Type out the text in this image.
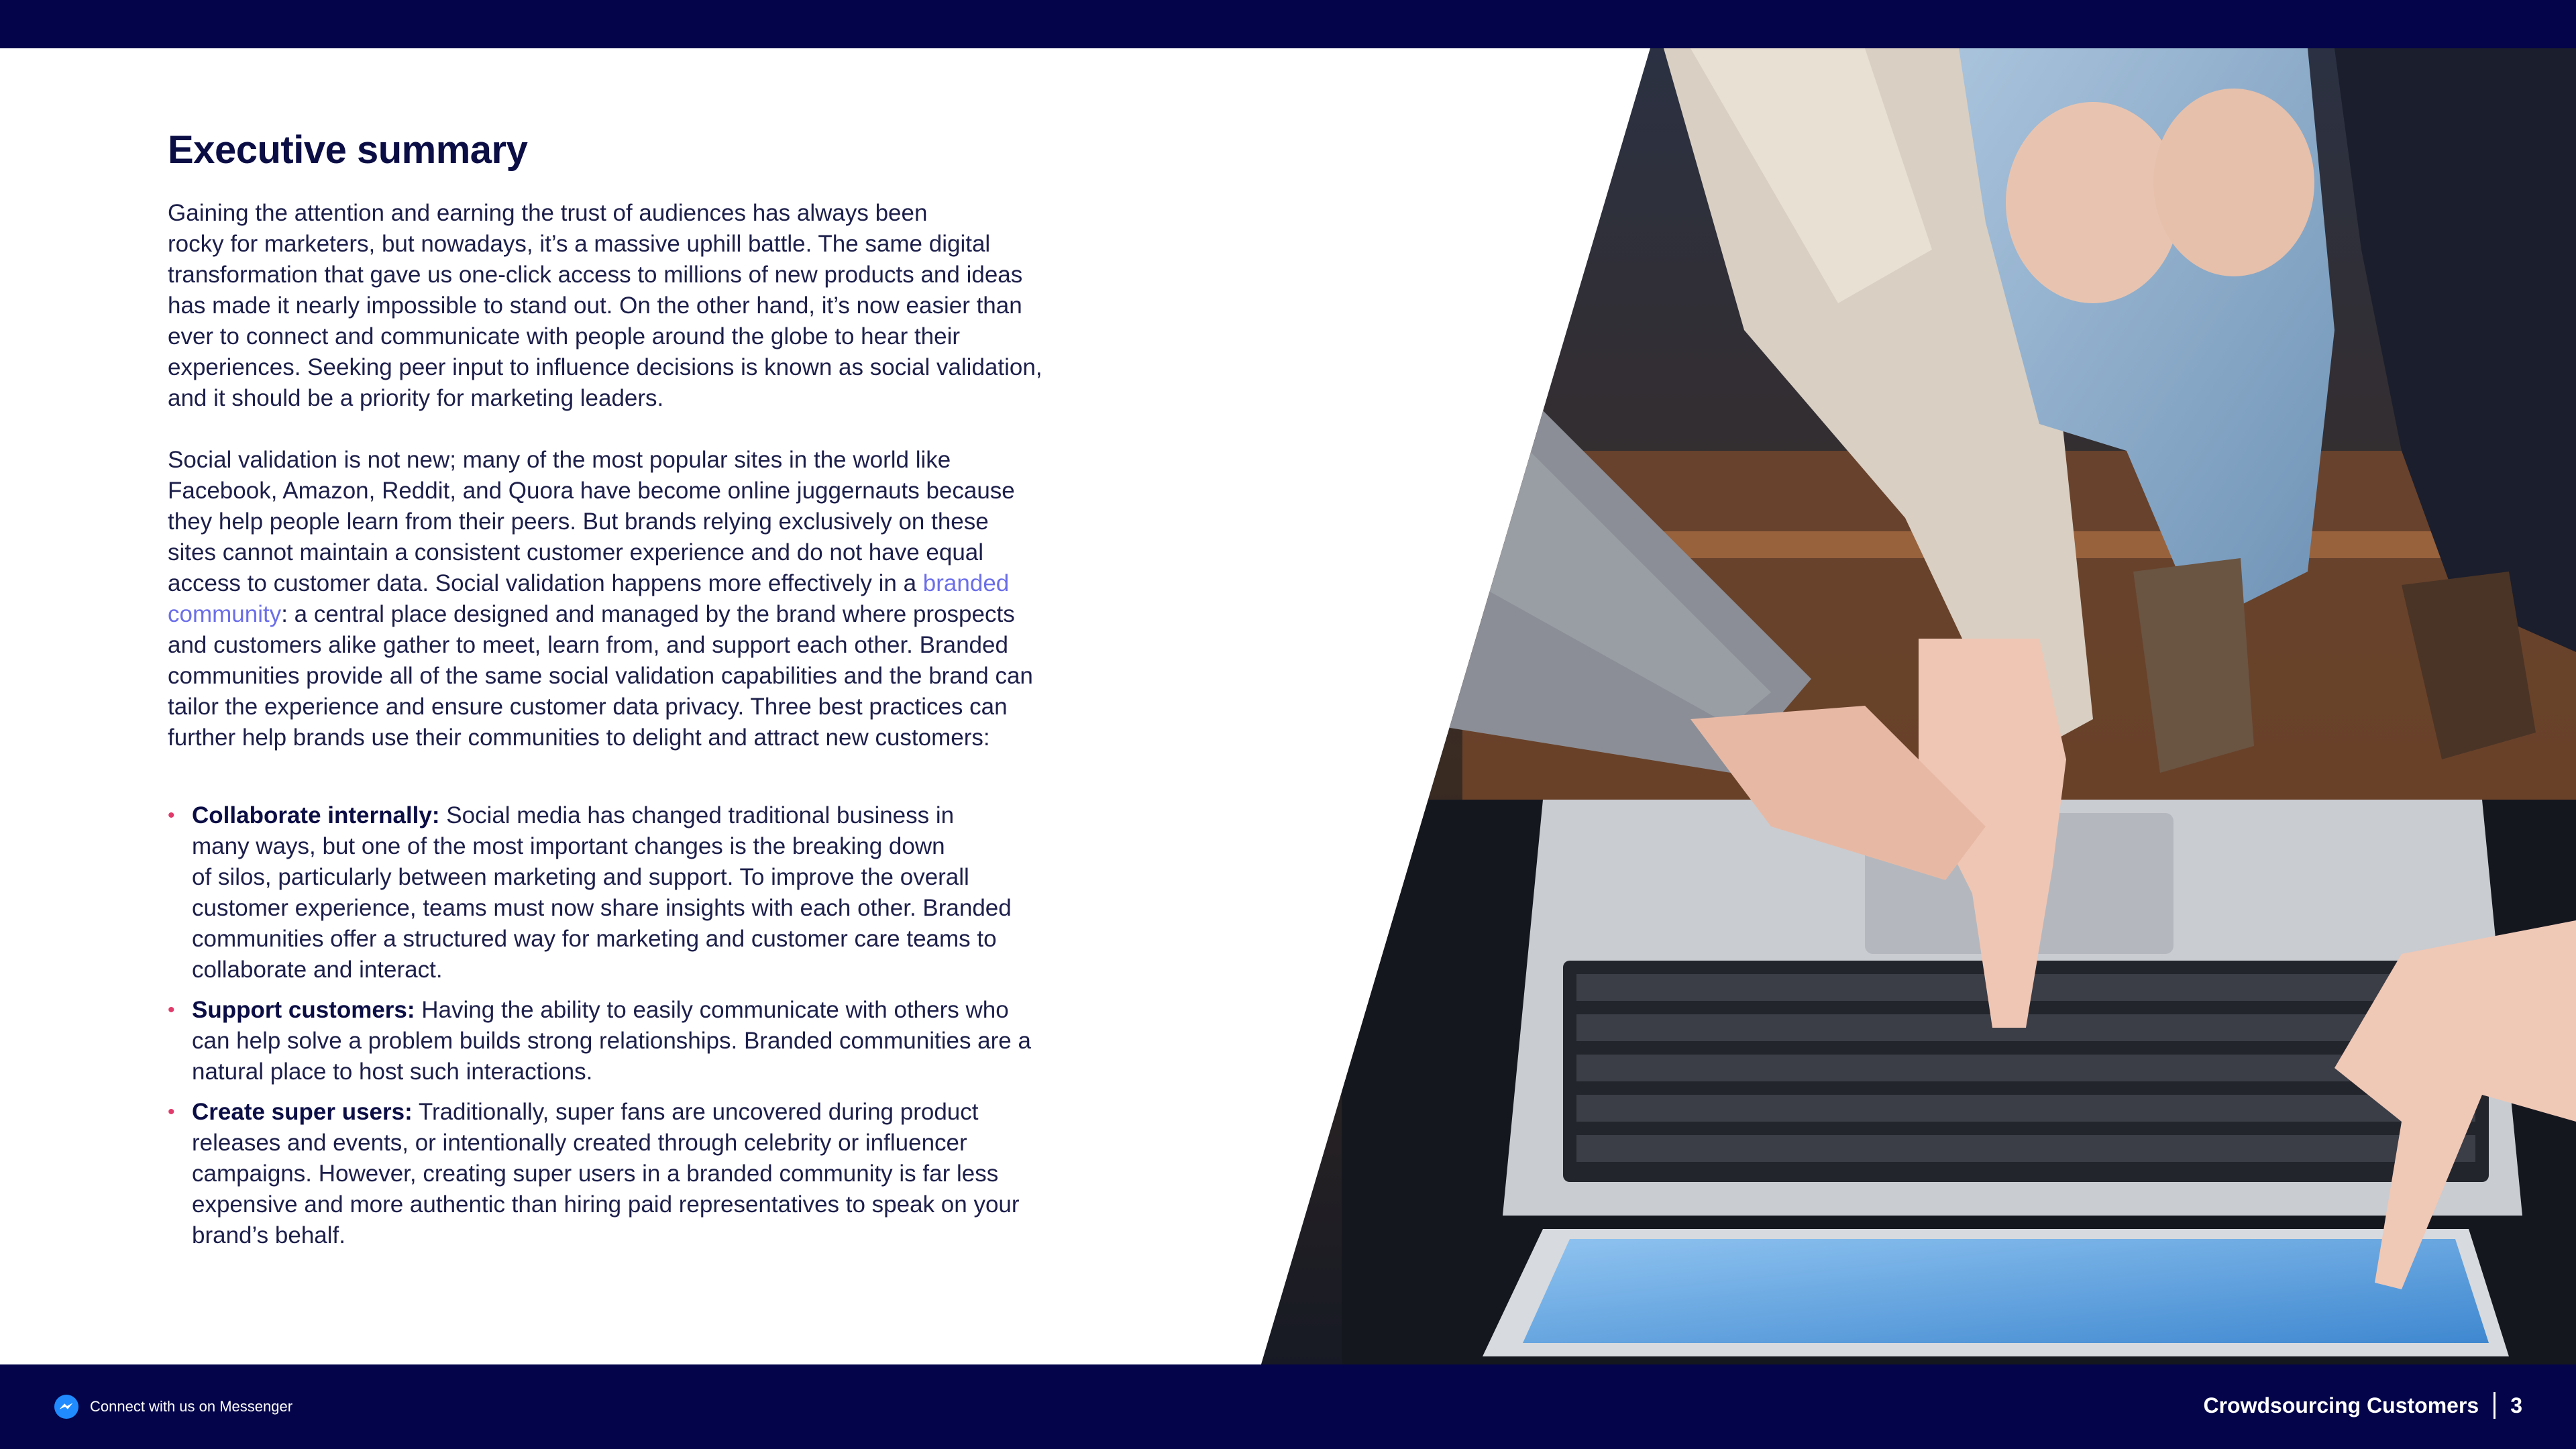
Executive summary

Gaining the attention and earning the trust of audiences has always been
rocky for marketers, but nowadays, it’s a massive uphill battle. The same digital
transformation that gave us one-click access to millions of new products and ideas
has made it nearly impossible to stand out. On the other hand, it’s now easier than
ever to connect and communicate with people around the globe to hear their
experiences. Seeking peer input to influence decisions is known as social validation,
and it should be a priority for marketing leaders.

Social validation is not new; many of the most popular sites in the world like
Facebook, Amazon, Reddit, and Quora have become online juggernauts because
they help people learn from their peers. But brands relying exclusively on these
sites cannot maintain a consistent customer experience and do not have equal
access to customer data. Social validation happens more effectively in a branded
community: a central place designed and managed by the brand where prospects
and customers alike gather to meet, learn from, and support each other. Branded
communities provide all of the same social validation capabilities and the brand can
tailor the experience and ensure customer data privacy. Three best practices can
further help brands use their communities to delight and attract new customers:

• Collaborate internally: Social media has changed traditional business in
many ways, but one of the most important changes is the breaking down
of silos, particularly between marketing and support. To improve the overall
customer experience, teams must now share insights with each other. Branded
communities offer a structured way for marketing and customer care teams to
collaborate and interact.
• Support customers: Having the ability to easily communicate with others who
can help solve a problem builds strong relationships. Branded communities are a
natural place to host such interactions.
• Create super users: Traditionally, super fans are uncovered during product
releases and events, or intentionally created through celebrity or influencer
campaigns. However, creating super users in a branded community is far less
expensive and more authentic than hiring paid representatives to speak on your
brand’s behalf.
Connect with us on Messenger	Crowdsourcing Customers 3
